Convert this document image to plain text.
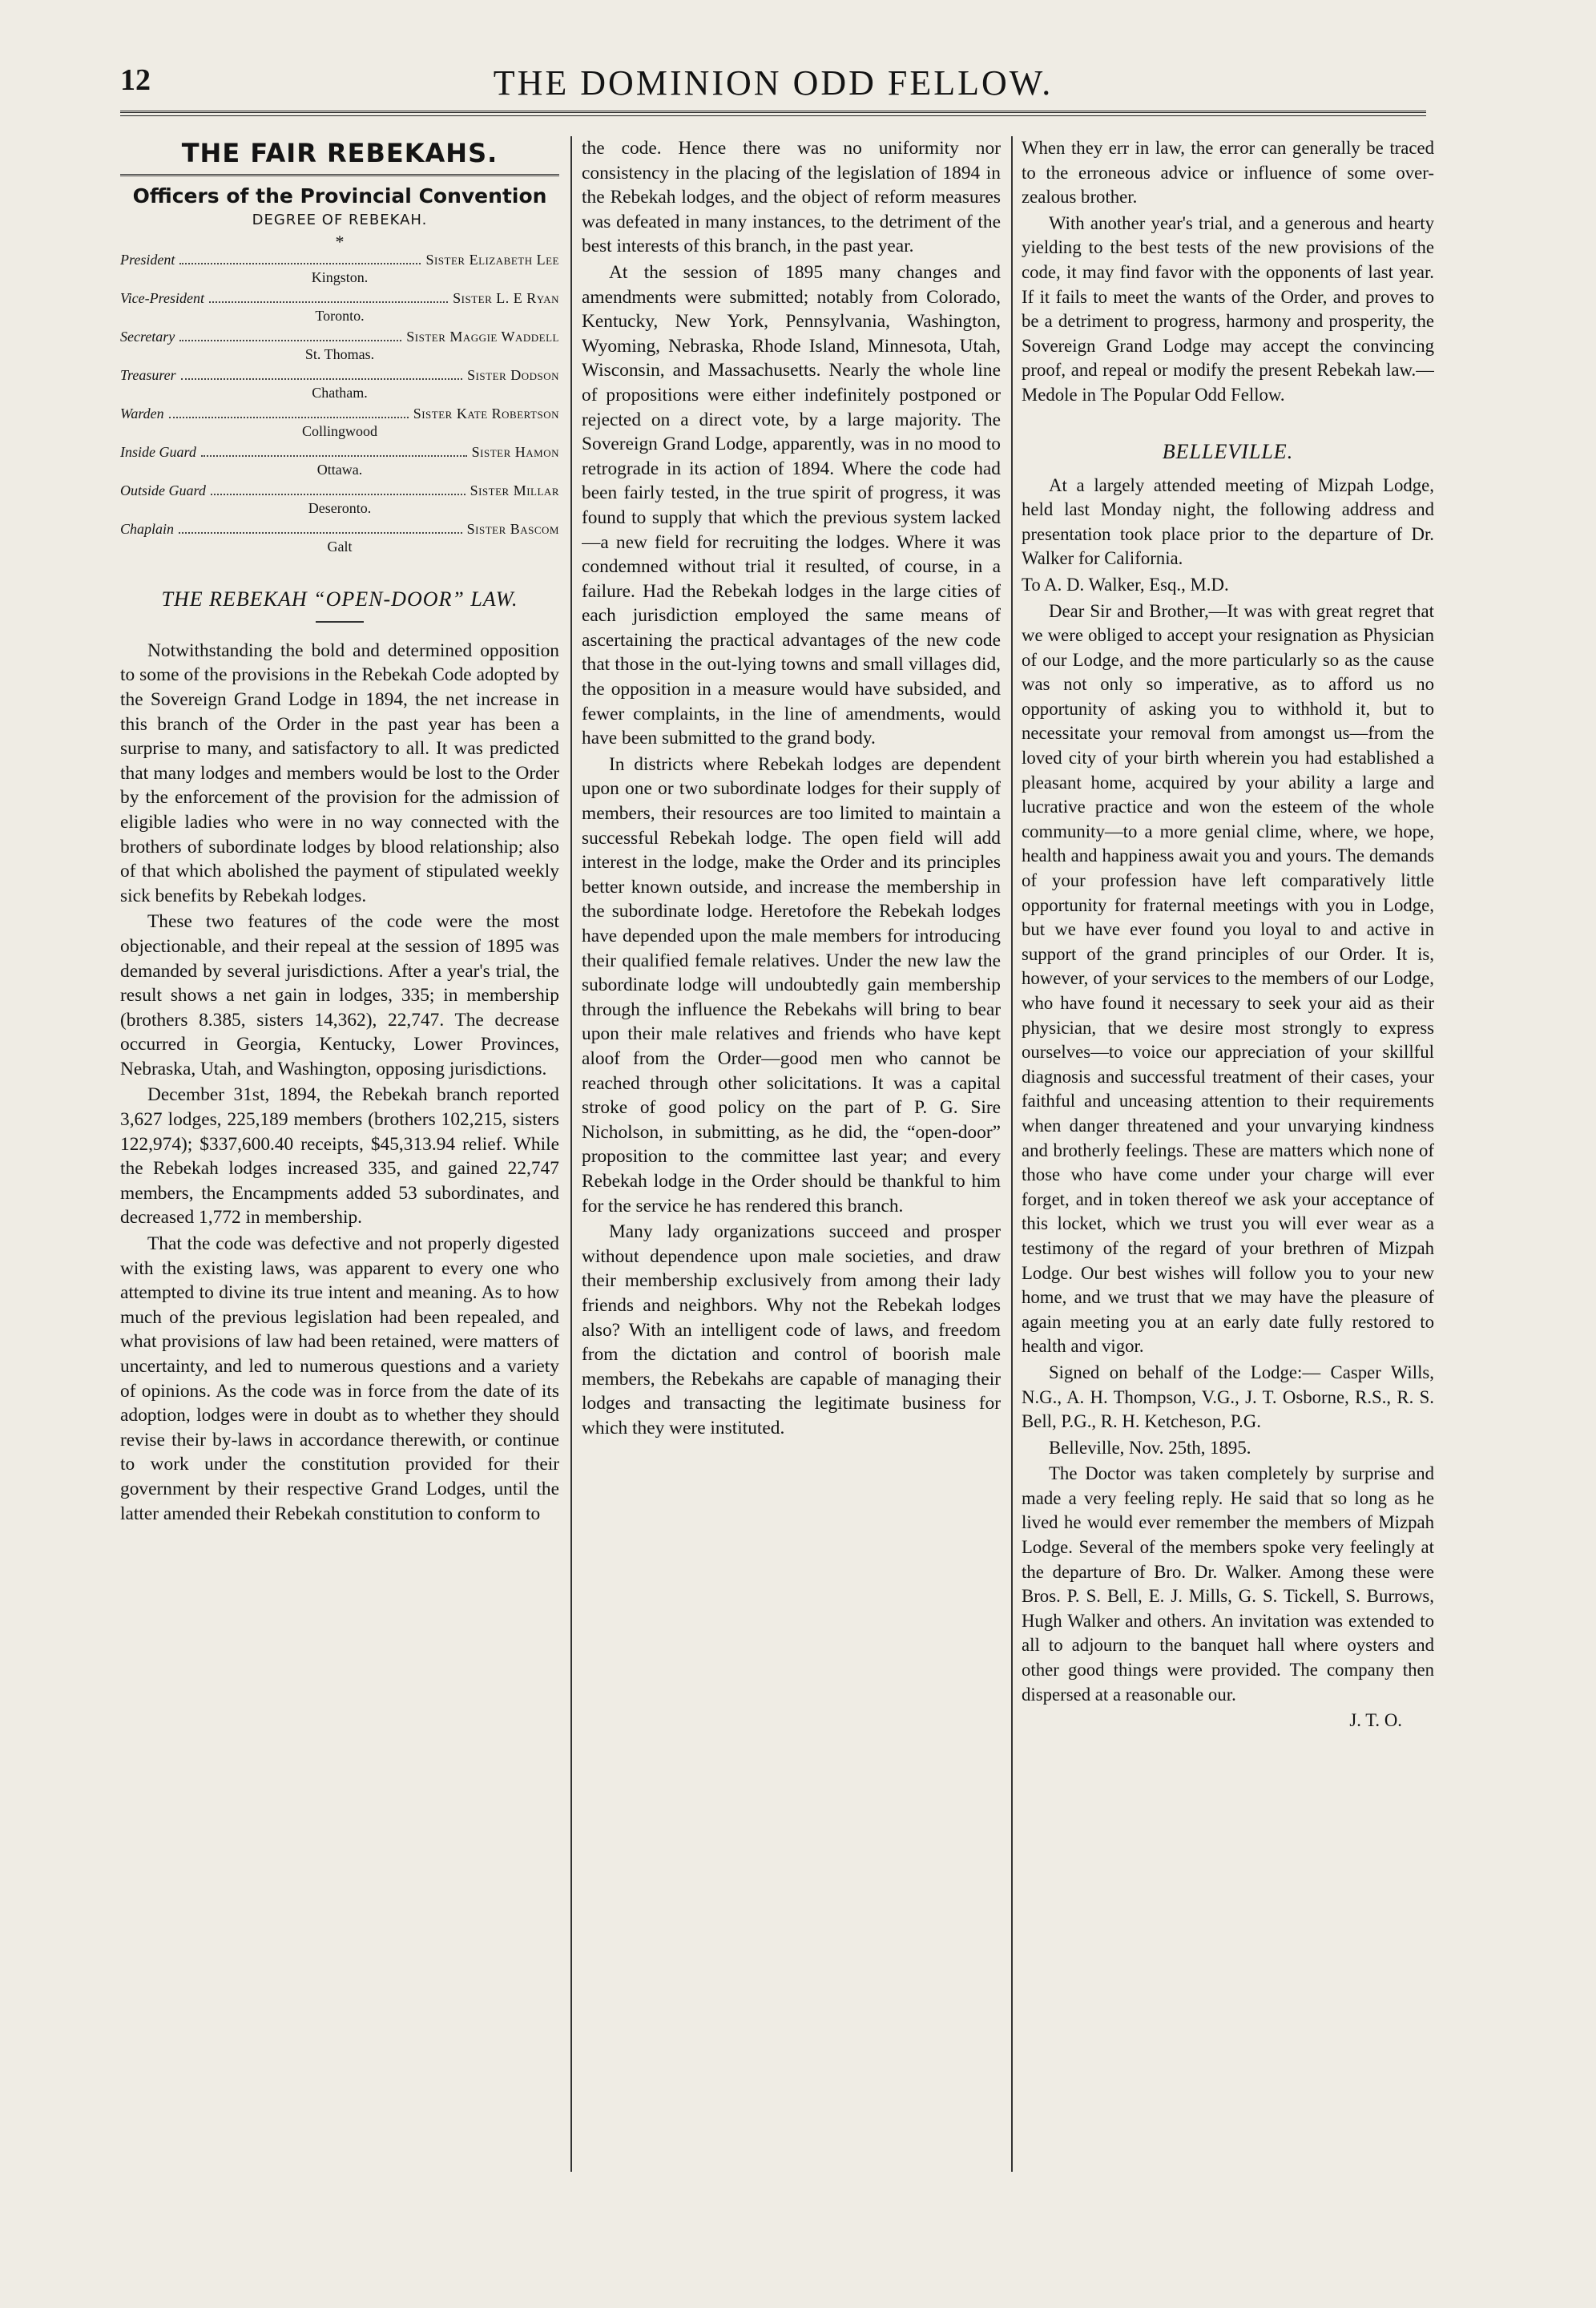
12	THE DOMINION ODD FELLOW.
THE FAIR REBEKAHS.
Officers of the Provincial Convention
DEGREE OF REBEKAH.
*
President	Sister Elizabeth Lee
Kingston.
Vice-President	Sister L. E Ryan
Toronto.
Secretary	Sister Maggie Waddell
St. Thomas.
Treasurer	Sister Dodson
Chatham.
Warden	Sister Kate Robertson
Collingwood
Inside Guard	Sister Hamon
Ottawa.
Outside Guard	Sister Millar
Deseronto.
Chaplain	Sister Bascom
Galt
THE REBEKAH “OPEN-DOOR” LAW.

Notwithstanding the bold and determined opposition to some of the provisions in the Rebekah Code adopted by the Sovereign Grand Lodge in 1894, the net increase in this branch of the Order in the past year has been a surprise to many, and satisfactory to all. It was predicted that many lodges and members would be lost to the Order by the enforcement of the provision for the admission of eligible ladies who were in no way connected with the brothers of subordinate lodges by blood relationship; also of that which abolished the payment of stipulated weekly sick benefits by Rebekah lodges.

These two features of the code were the most objectionable, and their repeal at the session of 1895 was demanded by several jurisdictions. After a year's trial, the result shows a net gain in lodges, 335; in membership (brothers 8.385, sisters 14,362), 22,747. The decrease occurred in Georgia, Kentucky, Lower Provinces, Nebraska, Utah, and Washington, opposing jurisdictions.

December 31st, 1894, the Rebekah branch reported 3,627 lodges, 225,189 members (brothers 102,215, sisters 122,974); $337,600.40 receipts, $45,313.94 relief. While the Rebekah lodges increased 335, and gained 22,747 members, the Encampments added 53 subordinates, and decreased 1,772 in membership.

That the code was defective and not properly digested with the existing laws, was apparent to every one who attempted to divine its true intent and meaning. As to how much of the previous legislation had been repealed, and what provisions of law had been retained, were matters of uncertainty, and led to numerous questions and a variety of opinions. As the code was in force from the date of its adoption, lodges were in doubt as to whether they should revise their by-laws in accordance therewith, or continue to work under the constitution provided for their government by their respective Grand Lodges, until the latter amended their Rebekah constitution to conform to

the code. Hence there was no uniformity nor consistency in the placing of the legislation of 1894 in the Rebekah lodges, and the object of reform measures was defeated in many instances, to the detriment of the best interests of this branch, in the past year.

At the session of 1895 many changes and amendments were submitted; notably from Colorado, Kentucky, New York, Pennsylvania, Washington, Wyoming, Nebraska, Rhode Island, Minnesota, Utah, Wisconsin, and Massachusetts. Nearly the whole line of propositions were either indefinitely postponed or rejected on a direct vote, by a large majority. The Sovereign Grand Lodge, apparently, was in no mood to retrograde in its action of 1894. Where the code had been fairly tested, in the true spirit of progress, it was found to supply that which the previous system lacked—a new field for recruiting the lodges. Where it was condemned without trial it resulted, of course, in a failure. Had the Rebekah lodges in the large cities of each jurisdiction employed the same means of ascertaining the practical advantages of the new code that those in the out-lying towns and small villages did, the opposition in a measure would have subsided, and fewer complaints, in the line of amendments, would have been submitted to the grand body.

In districts where Rebekah lodges are dependent upon one or two subordinate lodges for their supply of members, their resources are too limited to maintain a successful Rebekah lodge. The open field will add interest in the lodge, make the Order and its principles better known outside, and increase the membership in the subordinate lodge. Heretofore the Rebekah lodges have depended upon the male members for introducing their qualified female relatives. Under the new law the subordinate lodge will undoubtedly gain membership through the influence the Rebekahs will bring to bear upon their male relatives and friends who have kept aloof from the Order—good men who cannot be reached through other solicitations. It was a capital stroke of good policy on the part of P. G. Sire Nicholson, in submitting, as he did, the “open-door” proposition to the committee last year; and every Rebekah lodge in the Order should be thankful to him for the service he has rendered this branch.

Many lady organizations succeed and prosper without dependence upon male societies, and draw their membership exclusively from among their lady friends and neighbors. Why not the Rebekah lodges also? With an intelligent code of laws, and freedom from the dictation and control of boorish male members, the Rebekahs are capable of managing their lodges and transacting the legitimate business for which they were instituted.

When they err in law, the error can generally be traced to the erroneous advice or influence of some over-zealous brother.

With another year's trial, and a generous and hearty yielding to the best tests of the new provisions of the code, it may find favor with the opponents of last year. If it fails to meet the wants of the Order, and proves to be a detriment to progress, harmony and prosperity, the Sovereign Grand Lodge may accept the convincing proof, and repeal or modify the present Rebekah law.—Medole in The Popular Odd Fellow.

BELLEVILLE.

At a largely attended meeting of Mizpah Lodge, held last Monday night, the following address and presentation took place prior to the departure of Dr. Walker for California.

To A. D. Walker, Esq., M.D.

Dear Sir and Brother,—It was with great regret that we were obliged to accept your resignation as Physician of our Lodge, and the more particularly so as the cause was not only so imperative, as to afford us no opportunity of asking you to withhold it, but to necessitate your removal from amongst us—from the loved city of your birth wherein you had established a pleasant home, acquired by your ability a large and lucrative practice and won the esteem of the whole community—to a more genial clime, where, we hope, health and happiness await you and yours. The demands of your profession have left comparatively little opportunity for fraternal meetings with you in Lodge, but we have ever found you loyal to and active in support of the grand principles of our Order. It is, however, of your services to the members of our Lodge, who have found it necessary to seek your aid as their physician, that we desire most strongly to express ourselves—to voice our appreciation of your skillful diagnosis and successful treatment of their cases, your faithful and unceasing attention to their requirements when danger threatened and your unvarying kindness and brotherly feelings. These are matters which none of those who have come under your charge will ever forget, and in token thereof we ask your acceptance of this locket, which we trust you will ever wear as a testimony of the regard of your brethren of Mizpah Lodge. Our best wishes will follow you to your new home, and we trust that we may have the pleasure of again meeting you at an early date fully restored to health and vigor.

Signed on behalf of the Lodge:— Casper Wills, N.G., A. H. Thompson, V.G., J. T. Osborne, R.S., R. S. Bell, P.G., R. H. Ketcheson, P.G.

Belleville, Nov. 25th, 1895.

The Doctor was taken completely by surprise and made a very feeling reply. He said that so long as he lived he would ever remember the members of Mizpah Lodge. Several of the members spoke very feelingly at the departure of Bro. Dr. Walker. Among these were Bros. P. S. Bell, E. J. Mills, G. S. Tickell, S. Burrows, Hugh Walker and others. An invitation was extended to all to adjourn to the banquet hall where oysters and other good things were provided. The company then dispersed at a reasonable our.

J. T. O.
